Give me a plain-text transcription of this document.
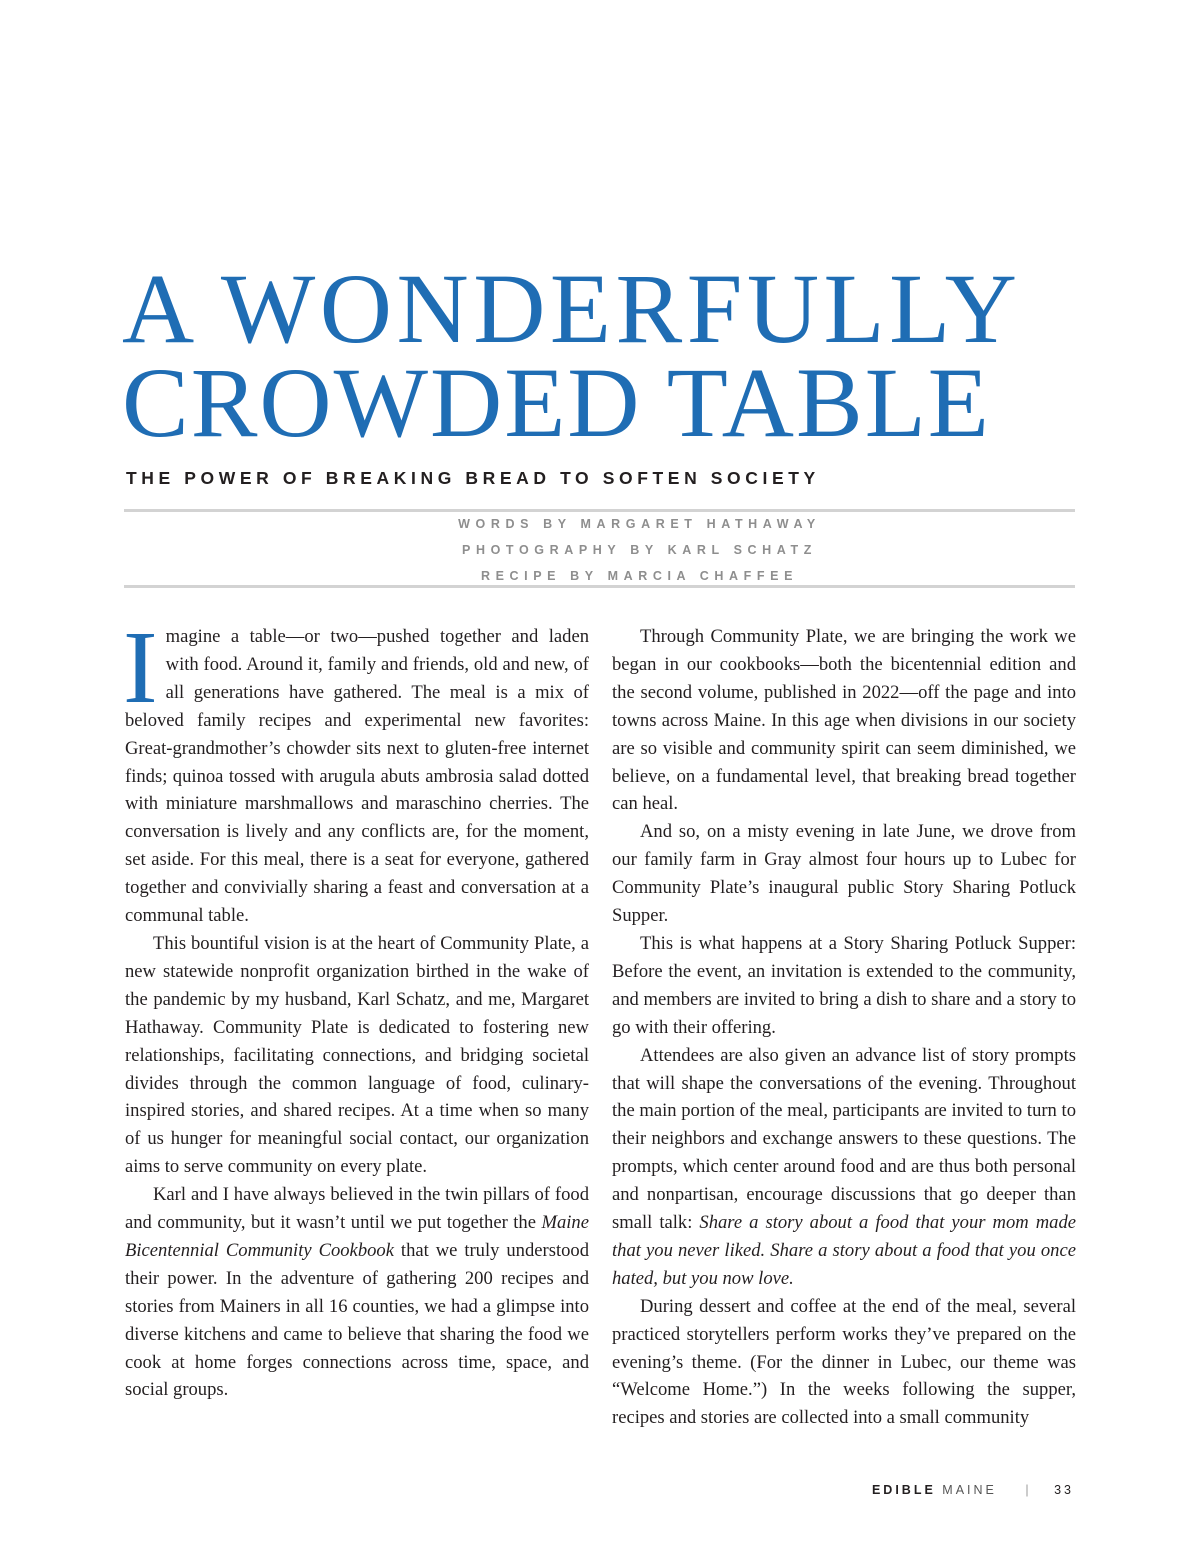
A WONDERFULLY
CROWDED TABLE
THE POWER OF BREAKING BREAD TO SOFTEN SOCIETY
WORDS BY MARGARET HATHAWAY
PHOTOGRAPHY BY KARL SCHATZ
RECIPE BY MARCIA CHAFFEE

Imagine a table—or two—pushed together and laden with food. Around it, family and friends, old and new, of all generations have gathered. The meal is a mix of beloved family recipes and experimental new favorites: Great-grandmother’s chowder sits next to gluten-free internet finds; quinoa tossed with arugula abuts ambrosia salad dotted with miniature marshmallows and maraschino cherries. The conversation is lively and any conflicts are, for the moment, set aside. For this meal, there is a seat for everyone, gathered together and convivially sharing a feast and conversation at a communal table.

This bountiful vision is at the heart of Community Plate, a new statewide nonprofit organization birthed in the wake of the pandemic by my husband, Karl Schatz, and me, Margaret Hathaway. Community Plate is dedicated to fostering new relationships, facilitating connections, and bridging societal divides through the common language of food, culinary-inspired stories, and shared recipes. At a time when so many of us hunger for meaningful social contact, our organization aims to serve community on every plate.

Karl and I have always believed in the twin pillars of food and community, but it wasn’t until we put together the Maine Bicentennial Community Cookbook that we truly understood their power. In the adventure of gathering 200 recipes and stories from Mainers in all 16 counties, we had a glimpse into diverse kitchens and came to believe that sharing the food we cook at home forges connections across time, space, and social groups.

Through Community Plate, we are bringing the work we began in our cookbooks—both the bicentennial edition and the second volume, published in 2022—off the page and into towns across Maine. In this age when divisions in our society are so visible and community spirit can seem diminished, we believe, on a fundamental level, that breaking bread together can heal.

And so, on a misty evening in late June, we drove from our family farm in Gray almost four hours up to Lubec for Community Plate’s inaugural public Story Sharing Potluck Supper.

This is what happens at a Story Sharing Potluck Supper: Before the event, an invitation is extended to the community, and members are invited to bring a dish to share and a story to go with their offering.

Attendees are also given an advance list of story prompts that will shape the conversations of the evening. Throughout the main portion of the meal, participants are invited to turn to their neighbors and exchange answers to these questions. The prompts, which center around food and are thus both personal and nonpartisan, encourage discussions that go deeper than small talk: Share a story about a food that your mom made that you never liked. Share a story about a food that you once hated, but you now love.

During dessert and coffee at the end of the meal, several practiced storytellers perform works they’ve prepared on the evening’s theme. (For the dinner in Lubec, our theme was “Welcome Home.”) In the weeks following the supper, recipes and stories are collected into a small community

EDIBLE MAINE | 33
